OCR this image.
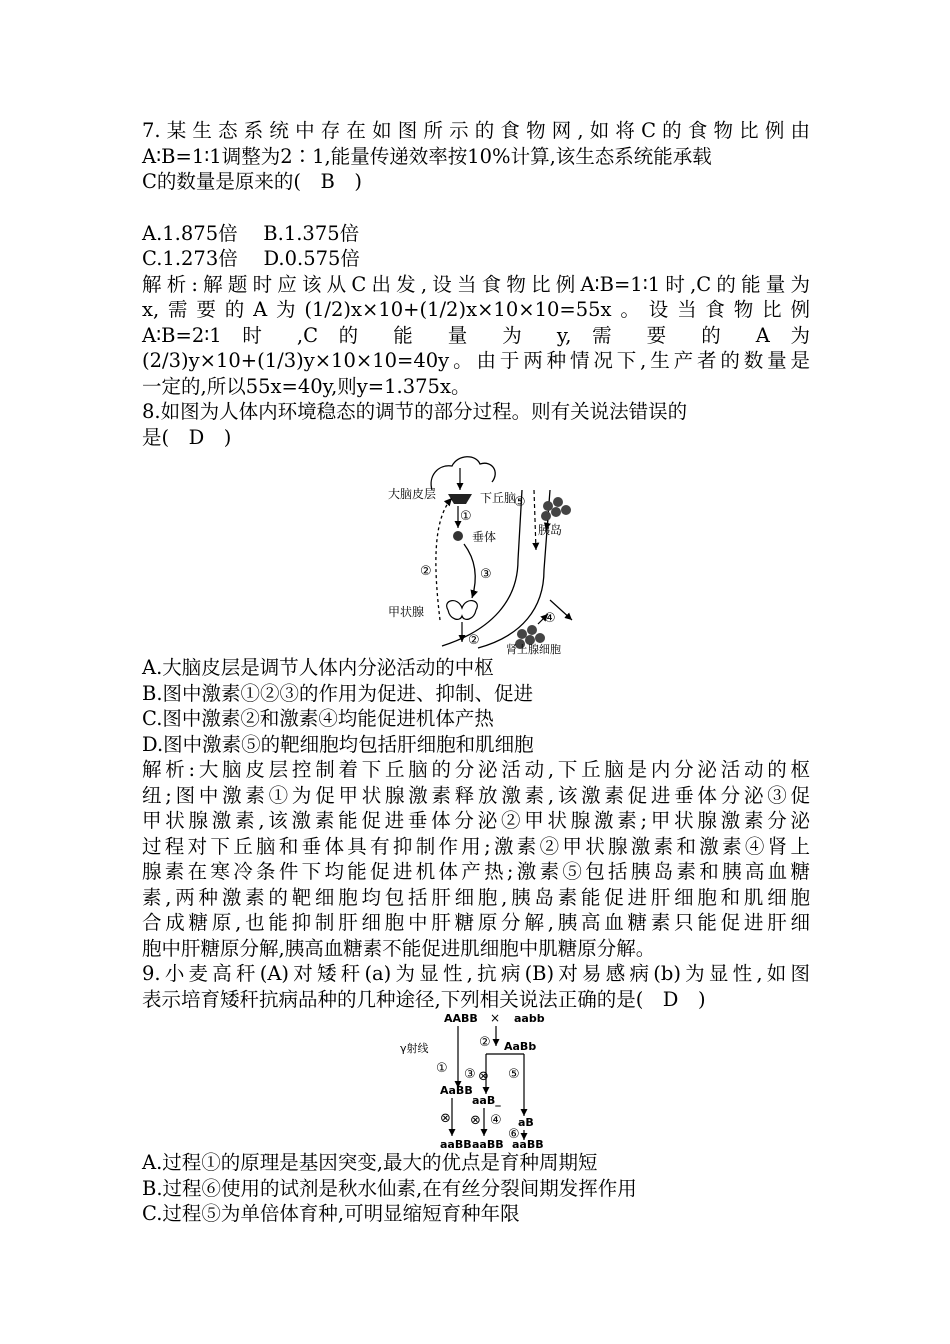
7.某生态系统中存在如图所示的食物网,如将C的食物比例由
A∶B=1∶1调整为2∶1,能量传递效率按10%计算,该生态系统能承载
C的数量是原来的(　B　)
A.1.875倍　 B.1.375倍
C.1.273倍　 D.0.575倍
解析:解题时应该从C出发,设当食物比例A∶B=1∶1时,C的能量为
x,需要的A为(1/2)x×10+(1/2)x×10×10=55x。设当食物比例
A∶B=2∶1 时 ,C 的 能 量 为 y, 需 要 的 A 为
(2/3)y×10+(1/3)y×10×10=40y。由于两种情况下,生产者的数量是
一定的,所以55x=40y,则y=1.375x。
8.如图为人体内环境稳态的调节的部分过程。则有关说法错误的
是(　D　)
大脑皮层	下丘脑
①
垂体
②	③
甲状腺
②
⑤
胰岛
④
肾上腺细胞
A.大脑皮层是调节人体内分泌活动的中枢
B.图中激素①②③的作用为促进、抑制、促进
C.图中激素②和激素④均能促进机体产热
D.图中激素⑤的靶细胞均包括肝细胞和肌细胞
解析:大脑皮层控制着下丘脑的分泌活动,下丘脑是内分泌活动的枢
纽;图中激素①为促甲状腺激素释放激素,该激素促进垂体分泌③促
甲状腺激素,该激素能促进垂体分泌②甲状腺激素;甲状腺激素分泌
过程对下丘脑和垂体具有抑制作用;激素②甲状腺激素和激素④肾上
腺素在寒冷条件下均能促进机体产热;激素⑤包括胰岛素和胰高血糖
素,两种激素的靶细胞均包括肝细胞,胰岛素能促进肝细胞和肌细胞
合成糖原,也能抑制肝细胞中肝糖原分解,胰高血糖素只能促进肝细
胞中肝糖原分解,胰高血糖素不能促进肌细胞中肌糖原分解。
9.小麦高秆(A)对矮秆(a)为显性,抗病(B)对易感病(b)为显性,如图
表示培育矮秆抗病品种的几种途径,下列相关说法正确的是(　D　)
AABB × aabb
γ射线
①
② AaBb
③ ⊗ ⑤
AaBB
aaB_
aB
⊗	④
⊗
⑥
aaBB aaBB aaBB
A.过程①的原理是基因突变,最大的优点是育种周期短
B.过程⑥使用的试剂是秋水仙素,在有丝分裂间期发挥作用
C.过程⑤为单倍体育种,可明显缩短育种年限
